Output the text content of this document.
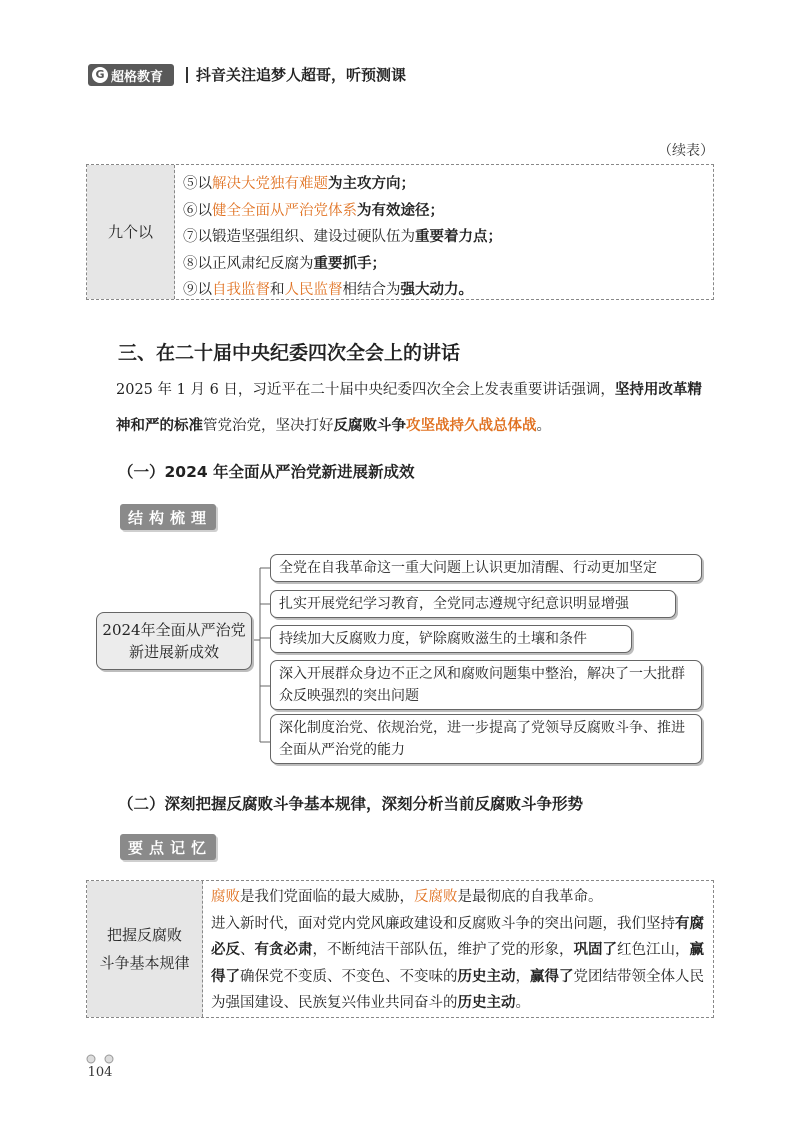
G 超格教育 抖音关注追梦人超哥，听预测课
（续表）
九个以
⑤以解决大党独有难题为主攻方向；
⑥以健全全面从严治党体系为有效途径；
⑦以锻造坚强组织、建设过硬队伍为重要着力点；
⑧以正风肃纪反腐为重要抓手；
⑨以自我监督和人民监督相结合为强大动力。
三、在二十届中央纪委四次全会上的讲话
2025 年 1 月 6 日，习近平在二十届中央纪委四次全会上发表重要讲话强调，坚持用改革精神和严的标准管党治党，坚决打好反腐败斗争攻坚战持久战总体战。
（一）2024 年全面从严治党新进展新成效
结构梳理
2024年全面从严治党
新进展新成效
全党在自我革命这一重大问题上认识更加清醒、行动更加坚定
扎实开展党纪学习教育，全党同志遵规守纪意识明显增强
持续加大反腐败力度，铲除腐败滋生的土壤和条件
深入开展群众身边不正之风和腐败问题集中整治，解决了一大批群众反映强烈的突出问题
深化制度治党、依规治党，进一步提高了党领导反腐败斗争、推进全面从严治党的能力
（二）深刻把握反腐败斗争基本规律，深刻分析当前反腐败斗争形势
要点记忆
把握反腐败
斗争基本规律
腐败是我们党面临的最大威胁，反腐败是最彻底的自我革命。
进入新时代，面对党内党风廉政建设和反腐败斗争的突出问题，我们坚持有腐必反、有贪必肃，不断纯洁干部队伍，维护了党的形象，巩固了红色江山，赢得了确保党不变质、不变色、不变味的历史主动，赢得了党团结带领全体人民为强国建设、民族复兴伟业共同奋斗的历史主动。
104
